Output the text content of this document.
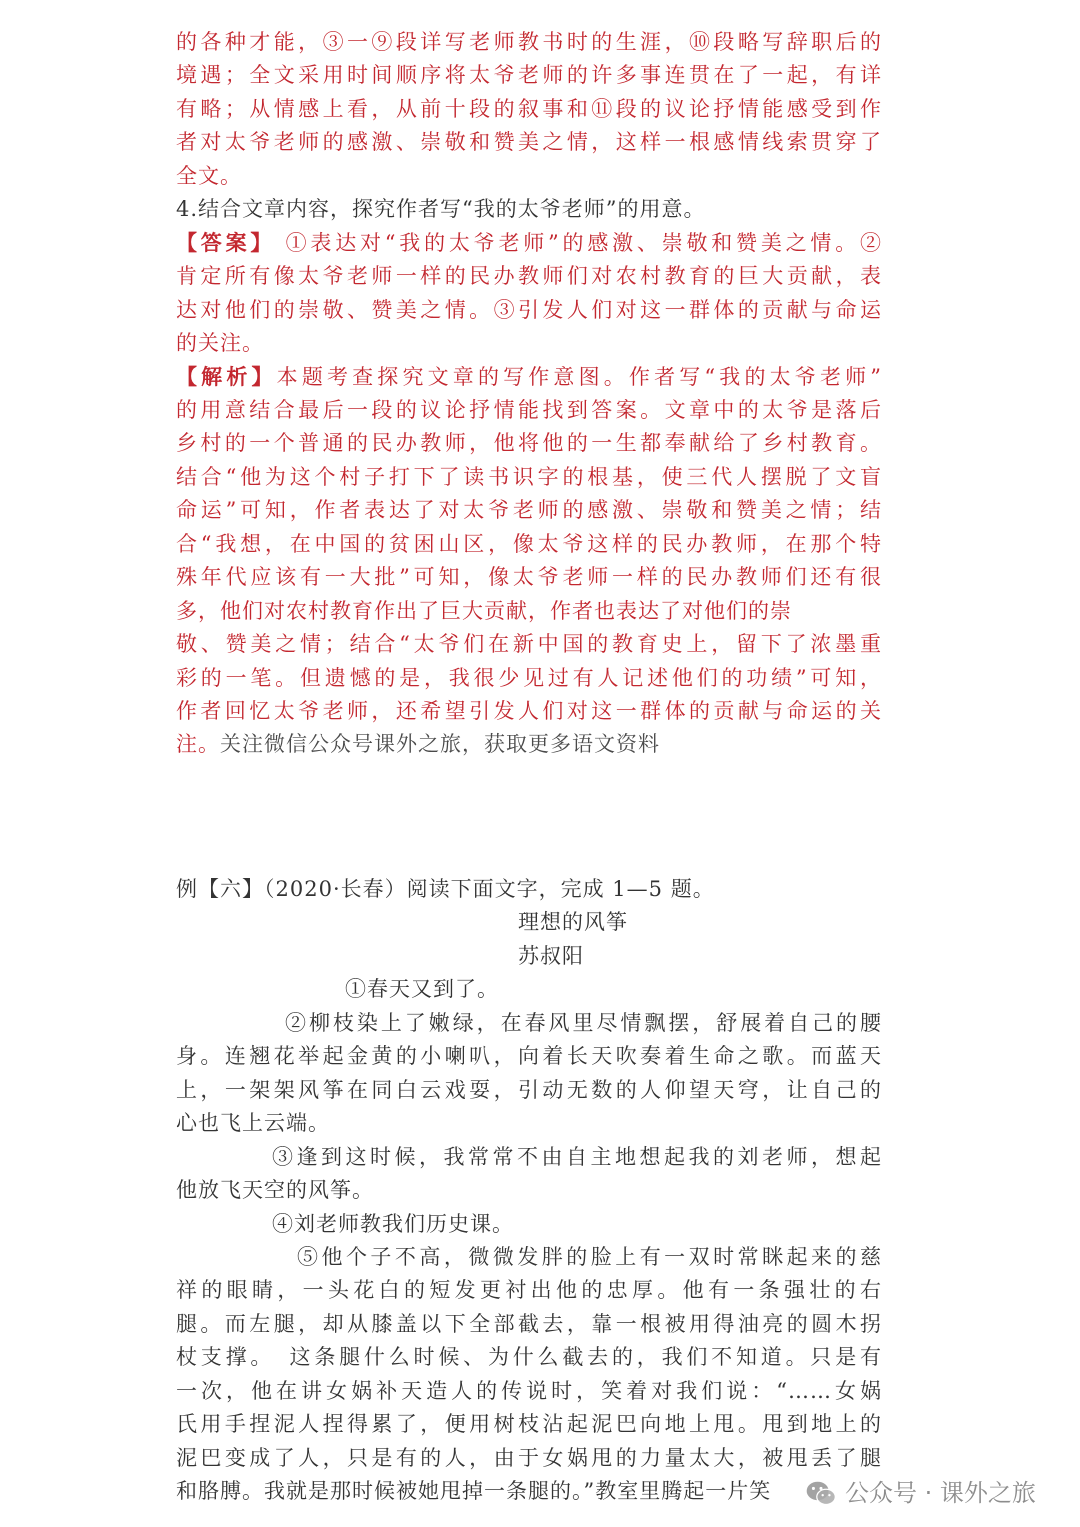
的各种才能，③一⑨段详写老师教书时的生涯，⑩段略写辞职后的
境遇；全文采用时间顺序将太爷老师的许多事连贯在了一起，有详
有略；从情感上看，从前十段的叙事和⑪段的议论抒情能感受到作
者对太爷老师的感激、崇敬和赞美之情，这样一根感情线索贯穿了
全文。
4.结合文章内容，探究作者写“我的太爷老师”的用意。
【答案】 ①表达对“我的太爷老师”的感激、崇敬和赞美之情。②
肯定所有像太爷老师一样的民办教师们对农村教育的巨大贡献，表
达对他们的崇敬、赞美之情。③引发人们对这一群体的贡献与命运
的关注。
【解析】本题考查探究文章的写作意图。作者写“我的太爷老师”
的用意结合最后一段的议论抒情能找到答案。文章中的太爷是落后
乡村的一个普通的民办教师，他将他的一生都奉献给了乡村教育。
结合“他为这个村子打下了读书识字的根基，使三代人摆脱了文盲
命运”可知，作者表达了对太爷老师的感激、崇敬和赞美之情；结
合“我想，在中国的贫困山区，像太爷这样的民办教师，在那个特
殊年代应该有一大批”可知，像太爷老师一样的民办教师们还有很
多，他们对农村教育作出了巨大贡献，作者也表达了对他们的崇
敬、赞美之情；结合“太爷们在新中国的教育史上，留下了浓墨重
彩的一笔。但遗憾的是，我很少见过有人记述他们的功绩”可知，
作者回忆太爷老师，还希望引发人们对这一群体的贡献与命运的关
注。关注微信公众号课外之旅，获取更多语文资料
例【六】（2020·长春）阅读下面文字，完成 1—5 题。
理想的风筝
苏叔阳
①春天又到了。
②柳枝染上了嫩绿，在春风里尽情飘摆，舒展着自己的腰
身。连翘花举起金黄的小喇叭，向着长天吹奏着生命之歌。而蓝天
上，一架架风筝在同白云戏耍，引动无数的人仰望天穹，让自己的
心也飞上云端。
③逢到这时候，我常常不由自主地想起我的刘老师，想起
他放飞天空的风筝。
④刘老师教我们历史课。
⑤他个子不高，微微发胖的脸上有一双时常眯起来的慈
祥的眼睛，一头花白的短发更衬出他的忠厚。他有一条强壮的右
腿。而左腿，却从膝盖以下全部截去，靠一根被用得油亮的圆木拐
杖支撑。　这条腿什么时候、为什么截去的，我们不知道。只是有
一次，他在讲女娲补天造人的传说时，笑着对我们说：“……女娲
氏用手捏泥人捏得累了，便用树枝沾起泥巴向地上甩。甩到地上的
泥巴变成了人，只是有的人，由于女娲甩的力量太大，被甩丢了腿
和胳膊。我就是那时候被她甩掉一条腿的。”教室里腾起一片笑	公众号 · 课外之旅
